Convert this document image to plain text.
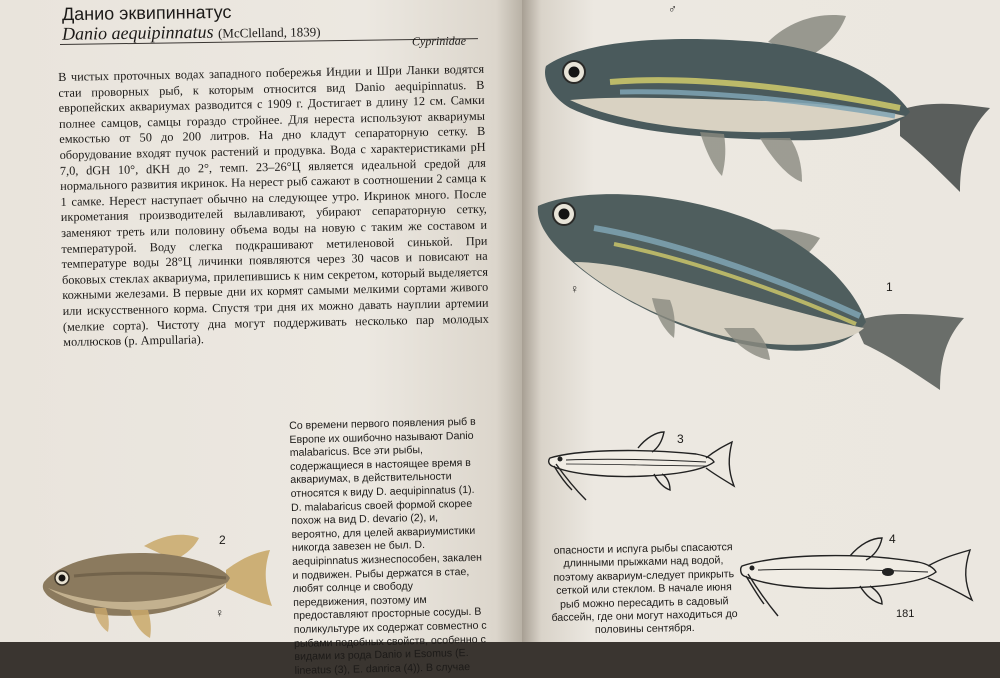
Данио эквипиннатус
Danio aequipinnatus (McClelland, 1839)
Cyprinidae

В чистых проточных водах западного побережья Индии и Шри Ланки водятся стаи проворных рыб, к которым относится вид Danio aequipinnatus. В европейских аквариумах разводится с 1909 г. Достигает в длину 12 см. Самки полнее самцов, самцы гораздо стройнее. Для нереста используют аквариумы емкостью от 50 до 200 литров. На дно кладут сепараторную сетку. В оборудование входят пучок растений и продувка. Вода с характеристиками pH 7,0, dGH 10°, dKH до 2°, темп. 23–26°Ц является идеальной средой для нормального развития икринок. На нерест рыб сажают в соотношении 2 самца к 1 самке. Нерест наступает обычно на следующее утро. Икринок много. После икрометания производителей вылавливают, убирают сепараторную сетку, заменяют треть или половину объема воды на новую с таким же составом и температурой. Воду слегка подкрашивают метиленовой синькой. При температуре воды 28°Ц личинки появляются через 30 часов и повисают на боковых стеклах аквариума, прилепившись к ним секретом, который выделяется кожными железами. В первые дни их кормят самыми мелкими сортами живого или искусственного корма. Спустя три дня их можно давать науплии артемии (мелкие сорта). Чистоту дна могут поддерживать несколько пар молодых моллюсков (р. Ampullaria).

Со времени первого появления рыб в Европе их ошибочно называют Danio malabaricus. Все эти рыбы, содержащиеся в настоящее время в аквариумах, в действительности относятся к виду D. aequipinnatus (1). D. malabaricus своей формой скорее похож на вид D. devario (2), и, вероятно, для целей аквариумистики никогда завезен не был. D. aequipinnatus жизнеспособен, закален и подвижен. Рыбы держатся в стае, любят солнце и свободу передвижения, поэтому им предоставляют просторные сосуды. В поликультуре их содержат совместно с рыбами подобных свойств, особенно с видами из рода Danio и Esomus (E. lineatus (3), E. danrica (4)). В случае

2
♀
♂
♀	1
3
4

опасности и испуга рыбы спасаются длинными прыжками над водой, поэтому аквариум-следует прикрыть сеткой или стеклом. В начале июня рыб можно пересадить в садовый бассейн, где они могут находиться до половины сентября.

181
